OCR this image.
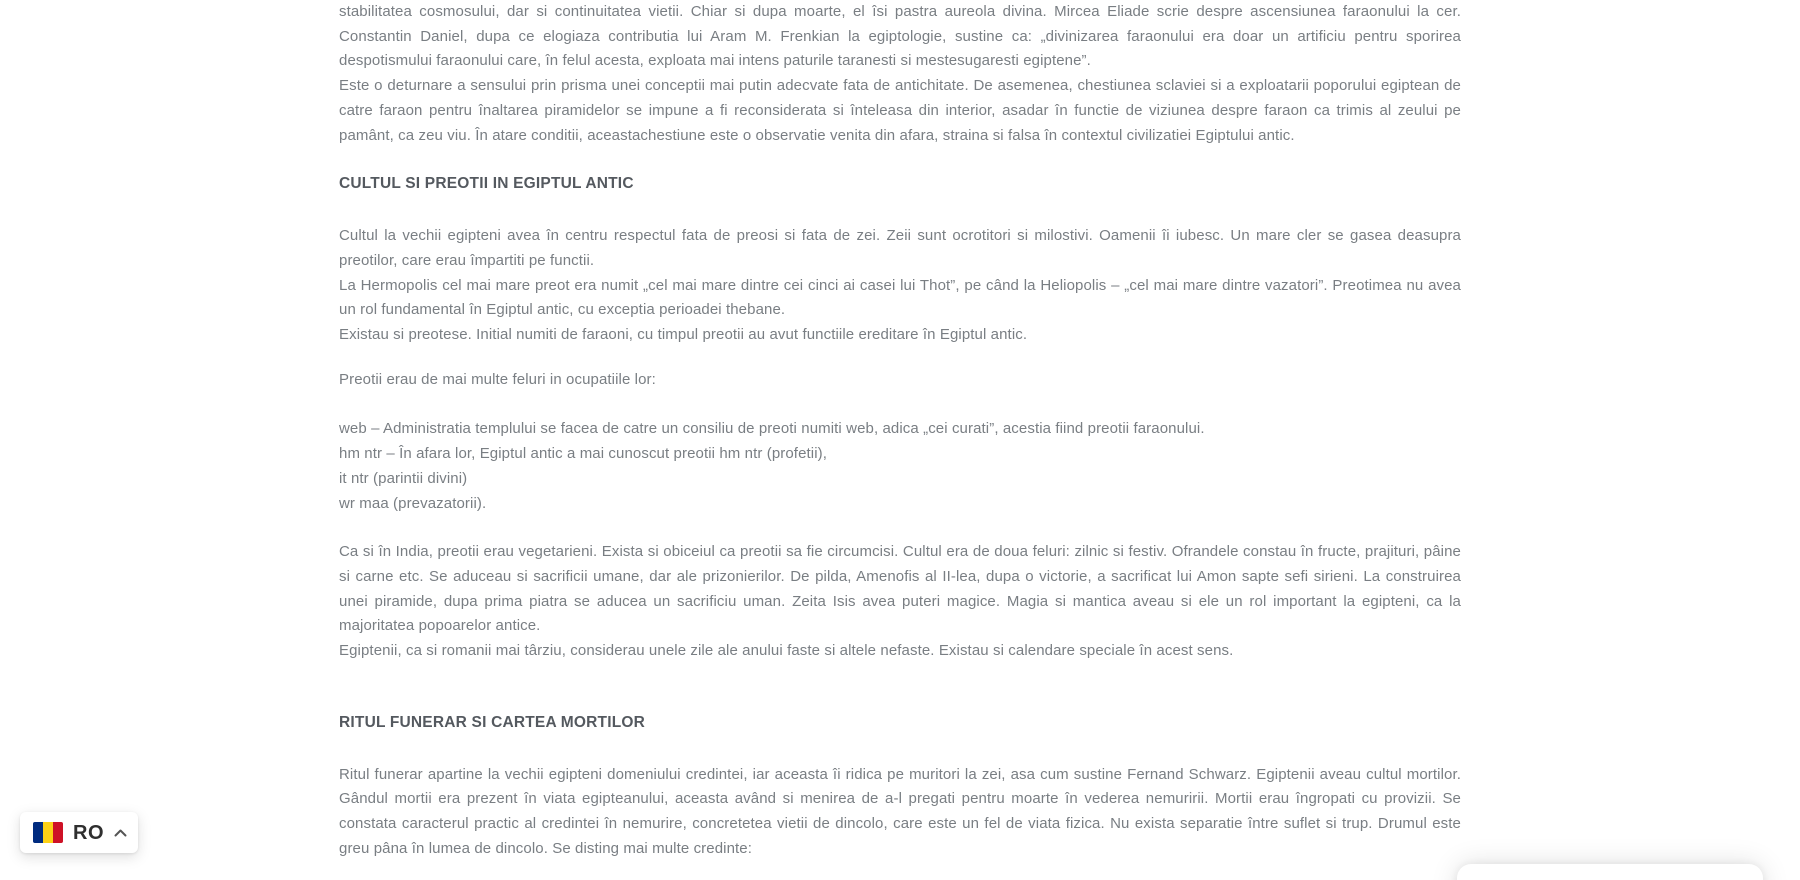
stabilitatea cosmosului, dar si continuitatea vietii. Chiar si dupa moarte, el îsi pastra aureola divina. Mircea Eliade scrie despre ascensiunea faraonului la cer. Constantin Daniel, dupa ce elogiaza contributia lui Aram M. Frenkian la egiptologie, sustine ca: „divinizarea faraonului era doar un artificiu pentru sporirea despotismului faraonului care, în felul acesta, exploata mai intens paturile taranesti si mestesugaresti egiptene”.

Este o deturnare a sensului prin prisma unei conceptii mai putin adecvate fata de antichitate. De asemenea, chestiunea sclaviei si a exploatarii poporului egiptean de catre faraon pentru înaltarea piramidelor se impune a fi reconsiderata si înteleasa din interior, asadar în functie de viziunea despre faraon ca trimis al zeului pe pamânt, ca zeu viu. În atare conditii, aceastachestiune este o observatie venita din afara, straina si falsa în contextul civilizatiei Egiptului antic.

CULTUL SI PREOTII IN EGIPTUL ANTIC

Cultul la vechii egipteni avea în centru respectul fata de preosi si fata de zei. Zeii sunt ocrotitori si milostivi. Oamenii îi iubesc. Un mare cler se gasea deasupra preotilor, care erau împartiti pe functii.

La Hermopolis cel mai mare preot era numit „cel mai mare dintre cei cinci ai casei lui Thot”, pe când la Heliopolis – „cel mai mare dintre vazatori”. Preotimea nu avea un rol fundamental în Egiptul antic, cu exceptia perioadei thebane.

Existau si preotese. Initial numiti de faraoni, cu timpul preotii au avut functiile ereditare în Egiptul antic.

Preotii erau de mai multe feluri in ocupatiile lor:

web – Administratia templului se facea de catre un consiliu de preoti numiti web, adica „cei curati”, acestia fiind preotii faraonului.

hm ntr – În afara lor, Egiptul antic a mai cunoscut preotii hm ntr (profetii),

it ntr (parintii divini)

wr maa (prevazatorii).

Ca si în India, preotii erau vegetarieni. Exista si obiceiul ca preotii sa fie circumcisi. Cultul era de doua feluri: zilnic si festiv. Ofrandele constau în fructe, prajituri, pâine si carne etc. Se aduceau si sacrificii umane, dar ale prizonierilor. De pilda, Amenofis al II-lea, dupa o victorie, a sacrificat lui Amon sapte sefi sirieni. La construirea unei piramide, dupa prima piatra se aducea un sacrificiu uman. Zeita Isis avea puteri magice. Magia si mantica aveau si ele un rol important la egipteni, ca la majoritatea popoarelor antice.

Egiptenii, ca si romanii mai târziu, considerau unele zile ale anului faste si altele nefaste. Existau si calendare speciale în acest sens.

RITUL FUNERAR SI CARTEA MORTILOR

Ritul funerar apartine la vechii egipteni domeniului credintei, iar aceasta îi ridica pe muritori la zei, asa cum sustine Fernand Schwarz. Egiptenii aveau cultul mortilor. Gândul mortii era prezent în viata egipteanului, aceasta având si menirea de a-l pregati pentru moarte în vederea nemuririi. Mortii erau îngropati cu provizii. Se constata caracterul practic al credintei în nemurire, concretetea vietii de dincolo, care este un fel de viata fizica. Nu exista separatie între suflet si trup. Drumul este greu pâna în lumea de dincolo. Se disting mai multe credinte:

RO
